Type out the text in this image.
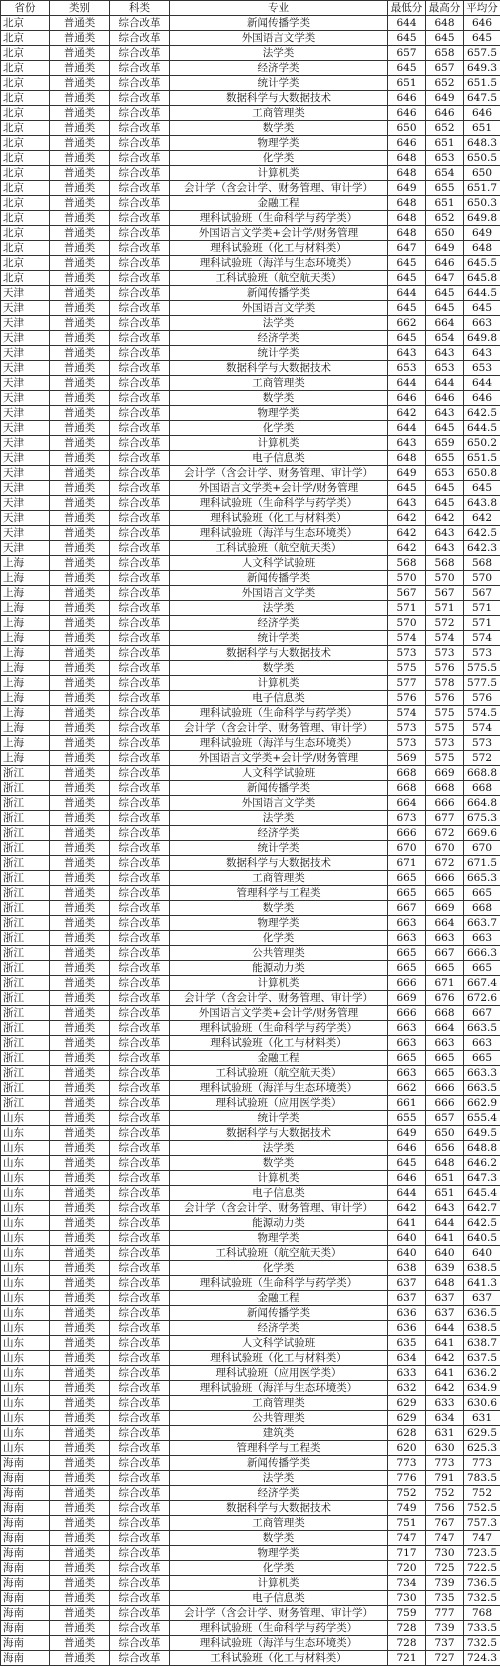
省份	类别	科类	专业	最低分	最高分	平均分
北京	普通类	综合改革	新闻传播学类	644	648	646
北京	普通类	综合改革	外国语言文学类	645	645	645
北京	普通类	综合改革	法学类	657	658	657.5
北京	普通类	综合改革	经济学类	645	657	649.3
北京	普通类	综合改革	统计学类	651	652	651.5
北京	普通类	综合改革	数据科学与大数据技术	646	649	647.5
北京	普通类	综合改革	工商管理类	646	646	646
北京	普通类	综合改革	数学类	650	652	651
北京	普通类	综合改革	物理学类	646	651	648.3
北京	普通类	综合改革	化学类	648	653	650.5
北京	普通类	综合改革	计算机类	648	654	650
北京	普通类	综合改革	会计学（含会计学、财务管理、审计学）	649	655	651.7
北京	普通类	综合改革	金融工程	648	651	650.3
北京	普通类	综合改革	理科试验班（生命科学与药学类）	648	652	649.8
北京	普通类	综合改革	外国语言文学类+会计学/财务管理	648	650	649
北京	普通类	综合改革	理科试验班（化工与材料类）	647	649	648
北京	普通类	综合改革	理科试验班（海洋与生态环境类）	645	646	645.5
北京	普通类	综合改革	工科试验班（航空航天类）	645	647	645.8
天津	普通类	综合改革	新闻传播学类	644	645	644.5
天津	普通类	综合改革	外国语言文学类	645	645	645
天津	普通类	综合改革	法学类	662	664	663
天津	普通类	综合改革	经济学类	645	654	649.8
天津	普通类	综合改革	统计学类	643	643	643
天津	普通类	综合改革	数据科学与大数据技术	653	653	653
天津	普通类	综合改革	工商管理类	644	644	644
天津	普通类	综合改革	数学类	646	646	646
天津	普通类	综合改革	物理学类	642	643	642.5
天津	普通类	综合改革	化学类	644	645	644.5
天津	普通类	综合改革	计算机类	643	659	650.2
天津	普通类	综合改革	电子信息类	648	655	651.5
天津	普通类	综合改革	会计学（含会计学、财务管理、审计学）	649	653	650.8
天津	普通类	综合改革	外国语言文学类+会计学/财务管理	645	645	645
天津	普通类	综合改革	理科试验班（生命科学与药学类）	643	645	643.8
天津	普通类	综合改革	理科试验班（化工与材料类）	642	642	642
天津	普通类	综合改革	理科试验班（海洋与生态环境类）	642	643	642.5
天津	普通类	综合改革	工科试验班（航空航天类）	642	643	642.3
上海	普通类	综合改革	人文科学试验班	568	568	568
上海	普通类	综合改革	新闻传播学类	570	570	570
上海	普通类	综合改革	外国语言文学类	567	567	567
上海	普通类	综合改革	法学类	571	571	571
上海	普通类	综合改革	经济学类	570	572	571
上海	普通类	综合改革	统计学类	574	574	574
上海	普通类	综合改革	数据科学与大数据技术	573	573	573
上海	普通类	综合改革	数学类	575	576	575.5
上海	普通类	综合改革	计算机类	577	578	577.5
上海	普通类	综合改革	电子信息类	576	576	576
上海	普通类	综合改革	理科试验班（生命科学与药学类）	574	575	574.5
上海	普通类	综合改革	会计学（含会计学、财务管理、审计学）	573	575	574
上海	普通类	综合改革	理科试验班（海洋与生态环境类）	573	573	573
上海	普通类	综合改革	外国语言文学类+会计学/财务管理	569	575	572
浙江	普通类	综合改革	人文科学试验班	668	669	668.8
浙江	普通类	综合改革	新闻传播学类	668	668	668
浙江	普通类	综合改革	外国语言文学类	664	666	664.8
浙江	普通类	综合改革	法学类	673	677	675.3
浙江	普通类	综合改革	经济学类	666	672	669.6
浙江	普通类	综合改革	统计学类	670	670	670
浙江	普通类	综合改革	数据科学与大数据技术	671	672	671.5
浙江	普通类	综合改革	工商管理类	665	666	665.3
浙江	普通类	综合改革	管理科学与工程类	665	665	665
浙江	普通类	综合改革	数学类	667	669	668
浙江	普通类	综合改革	物理学类	663	664	663.7
浙江	普通类	综合改革	化学类	663	663	663
浙江	普通类	综合改革	公共管理类	665	667	666.3
浙江	普通类	综合改革	能源动力类	665	665	665
浙江	普通类	综合改革	计算机类	666	671	667.4
浙江	普通类	综合改革	会计学（含会计学、财务管理、审计学）	669	676	672.6
浙江	普通类	综合改革	外国语言文学类+会计学/财务管理	666	668	667
浙江	普通类	综合改革	理科试验班（生命科学与药学类）	663	664	663.5
浙江	普通类	综合改革	理科试验班（化工与材料类）	663	663	663
浙江	普通类	综合改革	金融工程	665	665	665
浙江	普通类	综合改革	工科试验班（航空航天类）	663	665	663.3
浙江	普通类	综合改革	理科试验班（海洋与生态环境类）	662	666	663.5
浙江	普通类	综合改革	理科试验班（应用医学类）	661	666	662.9
山东	普通类	综合改革	统计学类	655	657	655.4
山东	普通类	综合改革	数据科学与大数据技术	649	650	649.5
山东	普通类	综合改革	法学类	646	656	648.8
山东	普通类	综合改革	数学类	645	648	646.2
山东	普通类	综合改革	计算机类	646	651	647.3
山东	普通类	综合改革	电子信息类	644	651	645.4
山东	普通类	综合改革	会计学（含会计学、财务管理、审计学）	642	643	642.7
山东	普通类	综合改革	能源动力类	641	644	642.5
山东	普通类	综合改革	物理学类	640	641	640.5
山东	普通类	综合改革	工科试验班（航空航天类）	640	640	640
山东	普通类	综合改革	化学类	638	639	638.5
山东	普通类	综合改革	理科试验班（生命科学与药学类）	637	648	641.3
山东	普通类	综合改革	金融工程	637	637	637
山东	普通类	综合改革	新闻传播学类	636	637	636.5
山东	普通类	综合改革	经济学类	636	644	638.5
山东	普通类	综合改革	人文科学试验班	635	641	638.7
山东	普通类	综合改革	理科试验班（化工与材料类）	634	642	637.5
山东	普通类	综合改革	理科试验班（应用医学类）	633	641	636.2
山东	普通类	综合改革	理科试验班（海洋与生态环境类）	632	642	634.9
山东	普通类	综合改革	工商管理类	629	633	630.6
山东	普通类	综合改革	公共管理类	629	634	631
山东	普通类	综合改革	建筑类	628	631	629.5
山东	普通类	综合改革	管理科学与工程类	620	630	625.3
海南	普通类	综合改革	新闻传播学类	773	773	773
海南	普通类	综合改革	法学类	776	791	783.5
海南	普通类	综合改革	经济学类	752	752	752
海南	普通类	综合改革	数据科学与大数据技术	749	756	752.5
海南	普通类	综合改革	工商管理类	751	767	757.3
海南	普通类	综合改革	数学类	747	747	747
海南	普通类	综合改革	物理学类	717	730	723.5
海南	普通类	综合改革	化学类	720	725	722.5
海南	普通类	综合改革	计算机类	734	739	736.5
海南	普通类	综合改革	电子信息类	730	735	732.5
海南	普通类	综合改革	会计学（含会计学、财务管理、审计学）	759	777	768
海南	普通类	综合改革	理科试验班（生命科学与药学类）	728	739	733.5
海南	普通类	综合改革	理科试验班（海洋与生态环境类）	728	737	732.5
海南	普通类	综合改革	工科试验班（化工与材料类）	721	727	724.3
